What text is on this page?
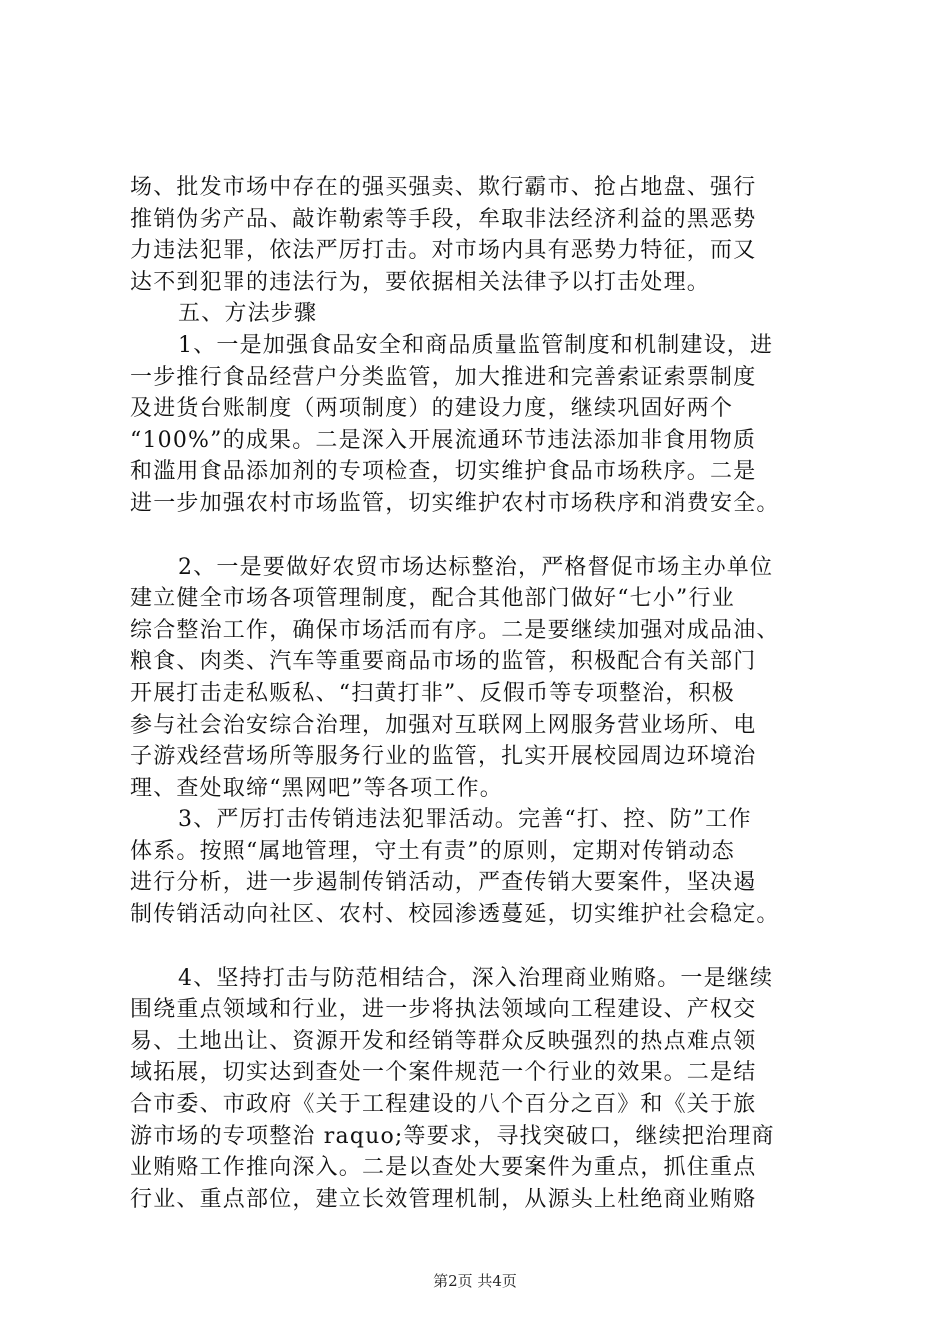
场、批发市场中存在的强买强卖、欺行霸市、抢占地盘、强行
推销伪劣产品、敲诈勒索等手段，牟取非法经济利益的黑恶势
力违法犯罪，依法严厉打击。对市场内具有恶势力特征，而又
达不到犯罪的违法行为，要依据相关法律予以打击处理。
五、方法步骤
1、一是加强食品安全和商品质量监管制度和机制建设，进
一步推行食品经营户分类监管，加大推进和完善索证索票制度
及进货台账制度（两项制度）的建设力度，继续巩固好两个
“100%”的成果。二是深入开展流通环节违法添加非食用物质
和滥用食品添加剂的专项检查，切实维护食品市场秩序。二是
进一步加强农村市场监管，切实维护农村市场秩序和消费安全。
2、一是要做好农贸市场达标整治，严格督促市场主办单位
建立健全市场各项管理制度，配合其他部门做好“七小”行业
综合整治工作，确保市场活而有序。二是要继续加强对成品油、
粮食、肉类、汽车等重要商品市场的监管，积极配合有关部门
开展打击走私贩私、“扫黄打非”、反假币等专项整治，积极
参与社会治安综合治理，加强对互联网上网服务营业场所、电
子游戏经营场所等服务行业的监管，扎实开展校园周边环境治
理、查处取缔“黑网吧”等各项工作。
3、严厉打击传销违法犯罪活动。完善“打、控、防”工作
体系。按照“属地管理，守土有责”的原则，定期对传销动态
进行分析，进一步遏制传销活动，严查传销大要案件，坚决遏
制传销活动向社区、农村、校园渗透蔓延，切实维护社会稳定。
4、坚持打击与防范相结合，深入治理商业贿赂。一是继续
围绕重点领域和行业，进一步将执法领域向工程建设、产权交
易、土地出让、资源开发和经销等群众反映强烈的热点难点领
域拓展，切实达到查处一个案件规范一个行业的效果。二是结
合市委、市政府《关于工程建设的八个百分之百》和《关于旅
游市场的专项整治 raquo;等要求，寻找突破口，继续把治理商
业贿赂工作推向深入。二是以查处大要案件为重点，抓住重点
行业、重点部位，建立长效管理机制，从源头上杜绝商业贿赂
第2页 共4页
